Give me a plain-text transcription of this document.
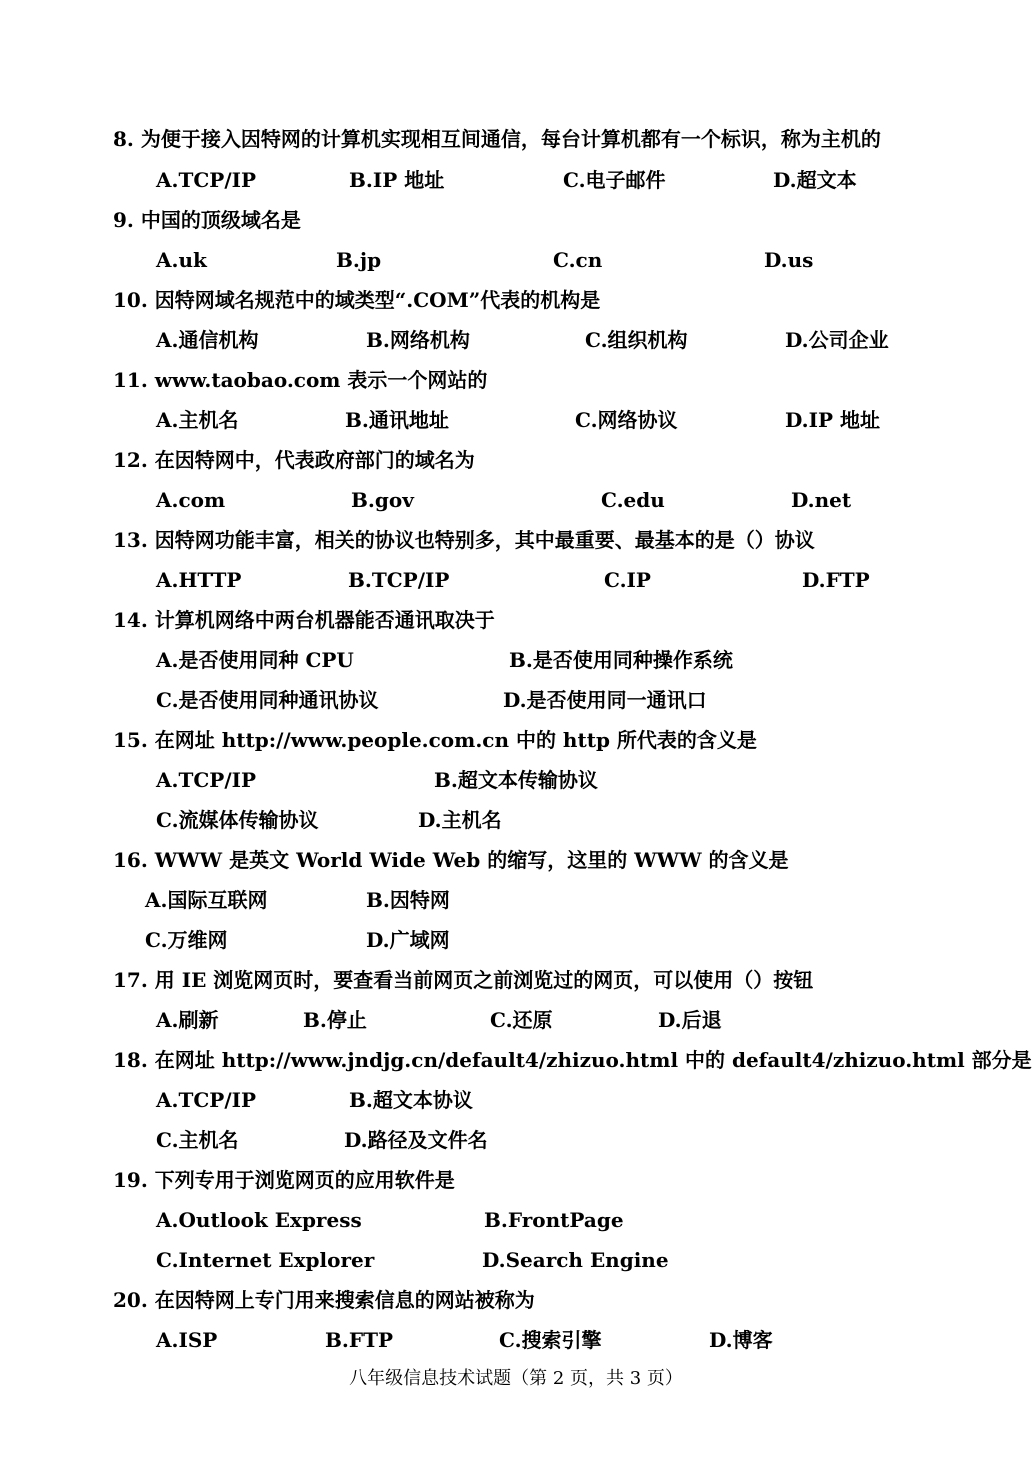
8. 为便于接入因特网的计算机实现相互间通信，每台计算机都有一个标识，称为主机的
A.TCP/IP	B.IP 地址	C.电子邮件	D.超文本
9. 中国的顶级域名是
A.uk	B.jp	C.cn	D.us
10. 因特网域名规范中的域类型“.COM”代表的机构是
A.通信机构	B.网络机构	C.组织机构	D.公司企业
11. www.taobao.com 表示一个网站的
A.主机名	B.通讯地址	C.网络协议	D.IP 地址
12. 在因特网中，代表政府部门的域名为
A.com	B.gov	C.edu	D.net
13. 因特网功能丰富，相关的协议也特别多，其中最重要、最基本的是（）协议
A.HTTP	B.TCP/IP	C.IP	D.FTP
14. 计算机网络中两台机器能否通讯取决于
A.是否使用同种 CPU	B.是否使用同种操作系统
C.是否使用同种通讯协议	D.是否使用同一通讯口
15. 在网址 http://www.people.com.cn 中的 http 所代表的含义是
A.TCP/IP	B.超文本传输协议
C.流媒体传输协议	D.主机名
16. WWW 是英文 World Wide Web 的缩写，这里的 WWW 的含义是
A.国际互联网	B.因特网
C.万维网	D.广域网
17. 用 IE 浏览网页时，要查看当前网页之前浏览过的网页，可以使用（）按钮
A.刷新	B.停止	C.还原	D.后退
18. 在网址 http://www.jndjg.cn/default4/zhizuo.html 中的 default4/zhizuo.html 部分是
A.TCP/IP	B.超文本协议
C.主机名	D.路径及文件名
19. 下列专用于浏览网页的应用软件是
A.Outlook Express	B.FrontPage
C.Internet Explorer	D.Search Engine
20. 在因特网上专门用来搜索信息的网站被称为
A.ISP	B.FTP	C.搜索引擎	D.博客
八年级信息技术试题（第 2 页，共 3 页）
